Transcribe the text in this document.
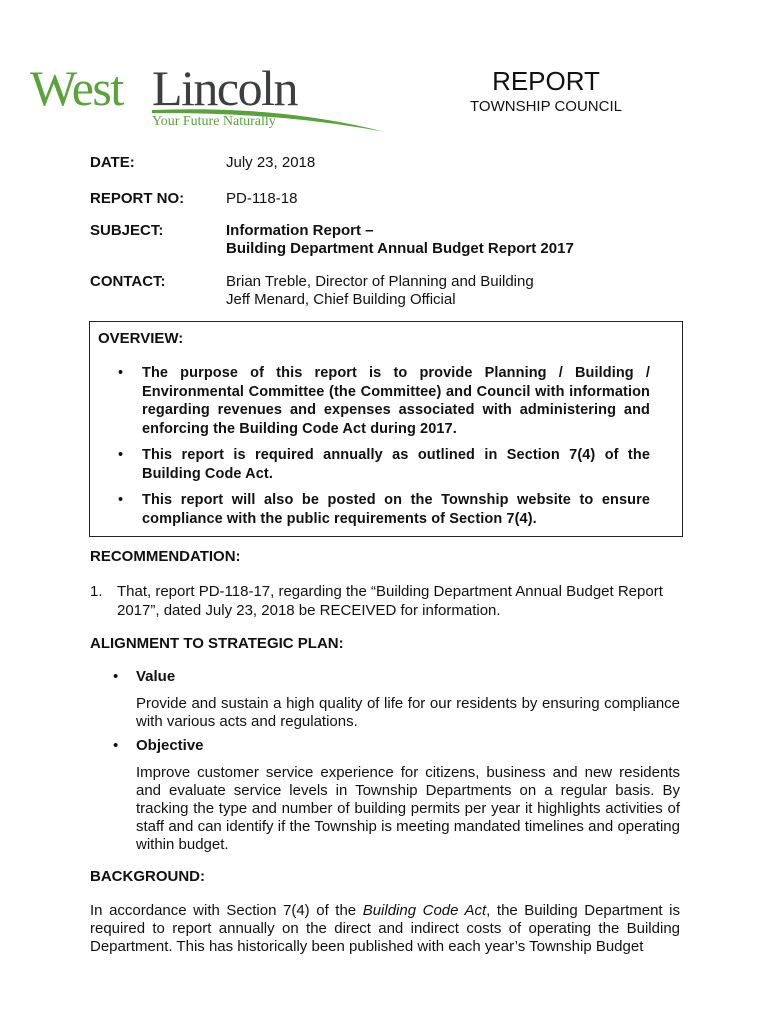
West Lincoln
Your Future Naturally
REPORT
TOWNSHIP COUNCIL
DATE:	July 23, 2018
REPORT NO:	PD-118-18
SUBJECT:	Information Report –
Building Department Annual Budget Report 2017
CONTACT:	Brian Treble, Director of Planning and Building
Jeff Menard, Chief Building Official
OVERVIEW:
• The purpose of this report is to provide Planning / Building / Environmental Committee (the Committee) and Council with information regarding revenues and expenses associated with administering and enforcing the Building Code Act during 2017.
• This report is required annually as outlined in Section 7(4) of the Building Code Act.
• This report will also be posted on the Township website to ensure compliance with the public requirements of Section 7(4).
RECOMMENDATION:
1. That, report PD-118-17, regarding the “Building Department Annual Budget Report 2017”, dated July 23, 2018 be RECEIVED for information.
ALIGNMENT TO STRATEGIC PLAN:
• Value
Provide and sustain a high quality of life for our residents by ensuring compliance with various acts and regulations.
• Objective
Improve customer service experience for citizens, business and new residents and evaluate service levels in Township Departments on a regular basis. By tracking the type and number of building permits per year it highlights activities of staff and can identify if the Township is meeting mandated timelines and operating within budget.
BACKGROUND:
In accordance with Section 7(4) of the Building Code Act, the Building Department is required to report annually on the direct and indirect costs of operating the Building Department. This has historically been published with each year’s Township Budget
